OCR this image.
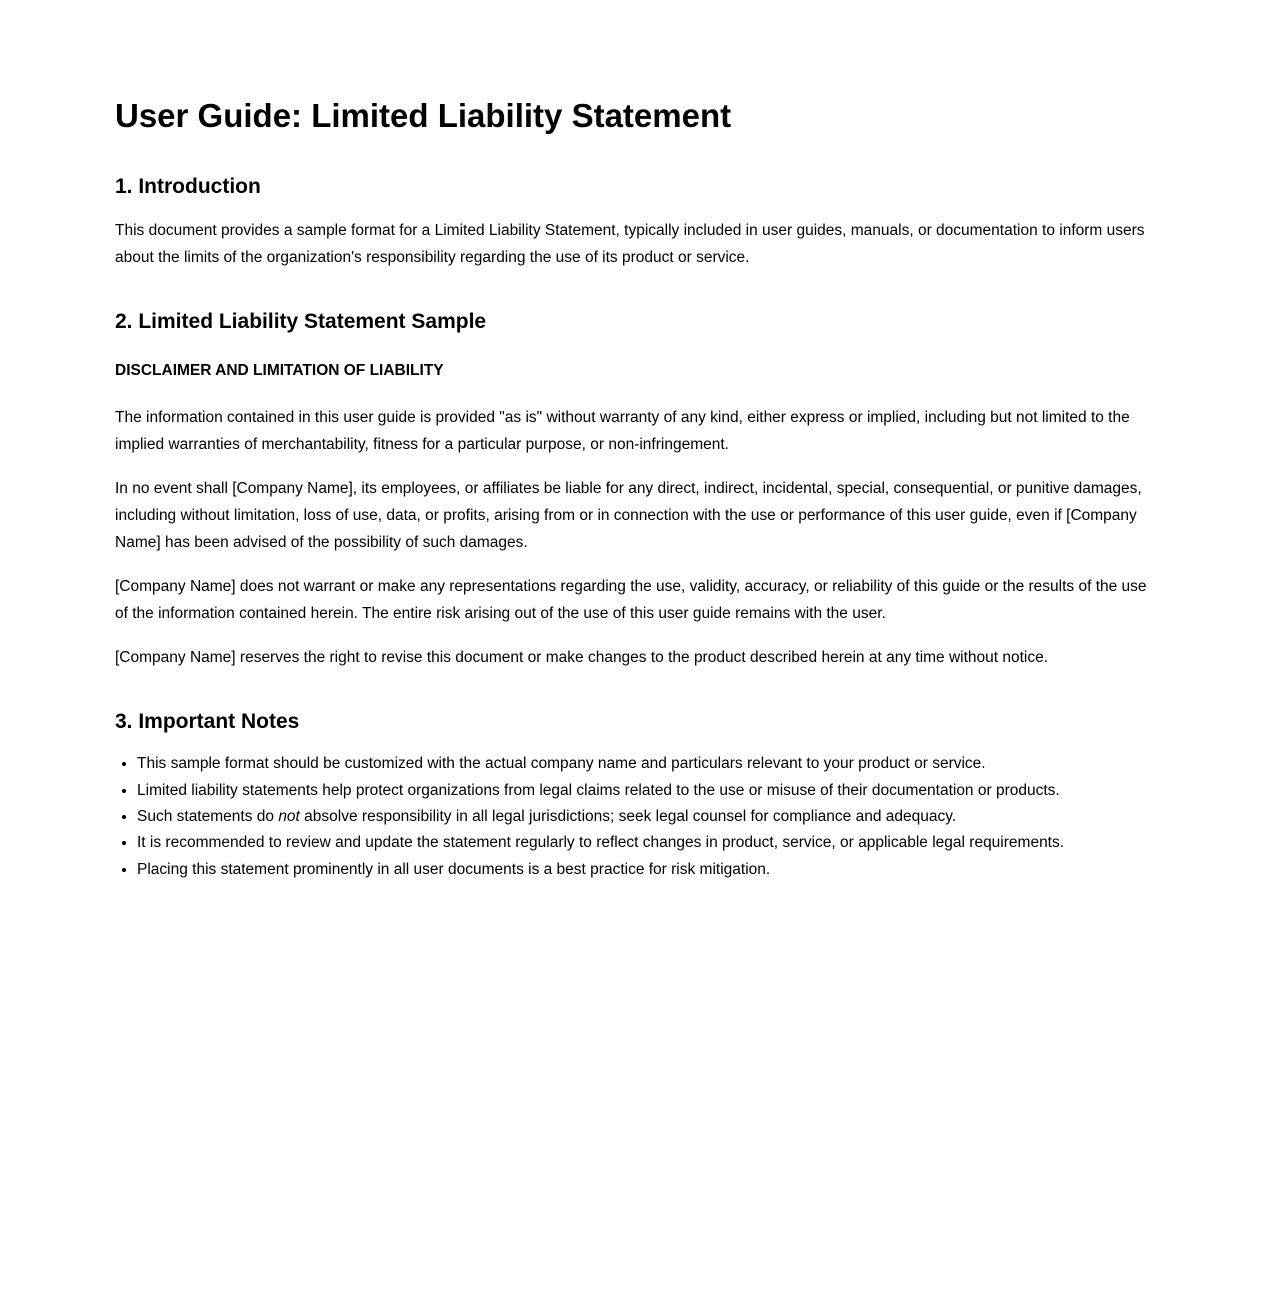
User Guide: Limited Liability Statement
1. Introduction

This document provides a sample format for a Limited Liability Statement, typically included in user guides, manuals, or documentation to inform users about the limits of the organization's responsibility regarding the use of its product or service.

2. Limited Liability Statement Sample
DISCLAIMER AND LIMITATION OF LIABILITY

The information contained in this user guide is provided "as is" without warranty of any kind, either express or implied, including but not limited to the implied warranties of merchantability, fitness for a particular purpose, or non-infringement.

In no event shall [Company Name], its employees, or affiliates be liable for any direct, indirect, incidental, special, consequential, or punitive damages, including without limitation, loss of use, data, or profits, arising from or in connection with the use or performance of this user guide, even if [Company Name] has been advised of the possibility of such damages.

[Company Name] does not warrant or make any representations regarding the use, validity, accuracy, or reliability of this guide or the results of the use of the information contained herein. The entire risk arising out of the use of this user guide remains with the user.

[Company Name] reserves the right to revise this document or make changes to the product described herein at any time without notice.

3. Important Notes
• This sample format should be customized with the actual company name and particulars relevant to your product or service.
• Limited liability statements help protect organizations from legal claims related to the use or misuse of their documentation or products.
• Such statements do not absolve responsibility in all legal jurisdictions; seek legal counsel for compliance and adequacy.
• It is recommended to review and update the statement regularly to reflect changes in product, service, or applicable legal requirements.
• Placing this statement prominently in all user documents is a best practice for risk mitigation.
